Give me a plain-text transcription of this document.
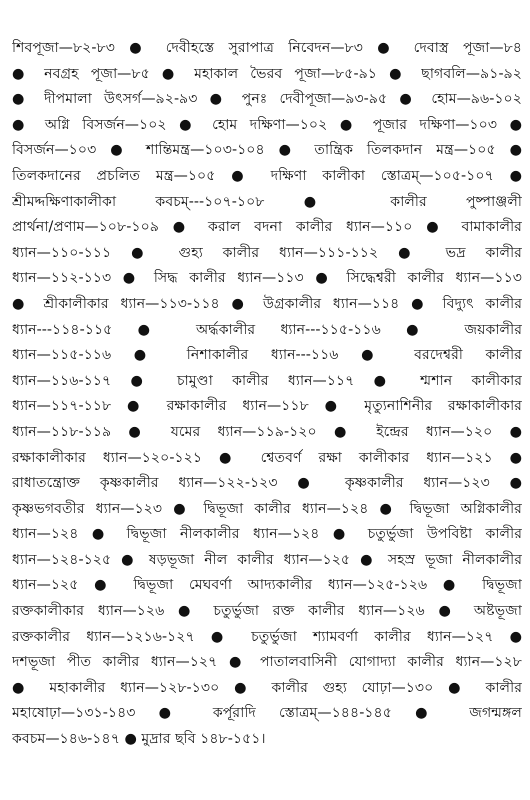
শিবপূজা—৮২-৮৩ ● দেবীহস্তে সুরাপাত্র নিবেদন—৮৩ ● দেবাস্ত্র পূজা—৮৪
● নবগ্রহ পূজা—৮৫ ● মহাকাল ভৈরব পূজা—৮৫-৯১ ● ছাগবলি—৯১-৯২
● দীপমালা উৎসর্গ—৯২-৯৩ ● পুনঃ দেবীপূজা—৯৩-৯৫ ● হোম—৯৬-১০২
● অগ্নি বিসর্জন—১০২ ● হোম দক্ষিণা—১০২ ● পূজার দক্ষিণা—১০৩ ●
বিসর্জন—১০৩ ● শান্তিমন্ত্র—১০৩-১০৪ ● তান্ত্রিক তিলকদান মন্ত্র—১০৫ ●
তিলকদানের প্রচলিত মন্ত্র—১০৫ ● দক্ষিণা কালীকা স্তোত্রম্—১০৫-১০৭ ●
শ্রীমদ্দক্ষিণাকালীকা কবচম্---১০৭-১০৮ ● কালীর পুষ্পাঞ্জলী
প্রার্থনা/প্রণাম—১০৮-১০৯ ● করাল বদনা কালীর ধ্যান—১১০ ● বামাকালীর
ধ্যান—১১০-১১১ ● গুহ্য কালীর ধ্যান—১১১-১১২ ● ভদ্র কালীর
ধ্যান—১১২-১১৩ ● সিদ্ধ কালীর ধ্যান—১১৩ ● সিদ্ধেশ্বরী কালীর ধ্যান—১১৩
● শ্রীকালীকার ধ্যান—১১৩-১১৪ ● উগ্রকালীর ধ্যান—১১৪ ● বিদ্যুৎ কালীর
ধ্যান---১১৪-১১৫ ● অর্দ্ধকালীর ধ্যান---১১৫-১১৬ ● জয়কালীর
ধ্যান—১১৫-১১৬ ● নিশাকালীর ধ্যান---১১৬ ● বরদেশ্বরী কালীর
ধ্যান—১১৬-১১৭ ● চামুণ্ডা কালীর ধ্যান—১১৭ ● শ্মশান কালীকার
ধ্যান—১১৭-১১৮ ● রক্ষাকালীর ধ্যান—১১৮ ● মৃত্যুনাশিনীর রক্ষাকালীকার
ধ্যান—১১৮-১১৯ ● যমের ধ্যান—১১৯-১২০ ● ইন্দ্রের ধ্যান—১২০ ●
রক্ষাকালীকার ধ্যান—১২০-১২১ ● শ্বেতবর্ণ রক্ষা কালীকার ধ্যান—১২১ ●
রাধাতন্ত্রোক্ত কৃষ্ণকালীর ধ্যান—১২২-১২৩ ● কৃষ্ণকালীর ধ্যান—১২৩ ●
কৃষ্ণভগবতীর ধ্যান—১২৩ ● দ্বিভূজা কালীর ধ্যান—১২৪ ● দ্বিভূজা অগ্নিকালীর
ধ্যান—১২৪ ● দ্বিভূজা নীলকালীর ধ্যান—১২৪ ● চতুর্ভুজা উপবিষ্টা কালীর
ধ্যান—১২৪-১২৫ ● ষড়ভূজা নীল কালীর ধ্যান—১২৫ ● সহস্র ভূজা নীলকালীর
ধ্যান—১২৫ ● দ্বিভূজা মেঘবর্ণা আদ্যকালীর ধ্যান—১২৫-১২৬ ● দ্বিভূজা
রক্তকালীকার ধ্যান—১২৬ ● চতুর্ভুজা রক্ত কালীর ধ্যান—১২৬ ● অষ্টভূজা
রক্তকালীর ধ্যান—১২১৬-১২৭ ● চতুর্ভুজা শ্যামবর্ণা কালীর ধ্যান—১২৭ ●
দশভূজা পীত কালীর ধ্যান—১২৭ ● পাতালবাসিনী যোগাদ্যা কালীর ধ্যান—১২৮
● মহাকালীর ধ্যান—১২৮-১৩০ ● কালীর গুহ্য যোঢ়া—১৩০ ● কালীর
মহাষোঢ়া—১৩১-১৪৩ ● কর্পূরাদি স্তোত্রম্—১৪৪-১৪৫ ● জগন্মঙ্গল
কবচম—১৪৬-১৪৭ ● মুদ্রার ছবি ১৪৮-১৫১।
